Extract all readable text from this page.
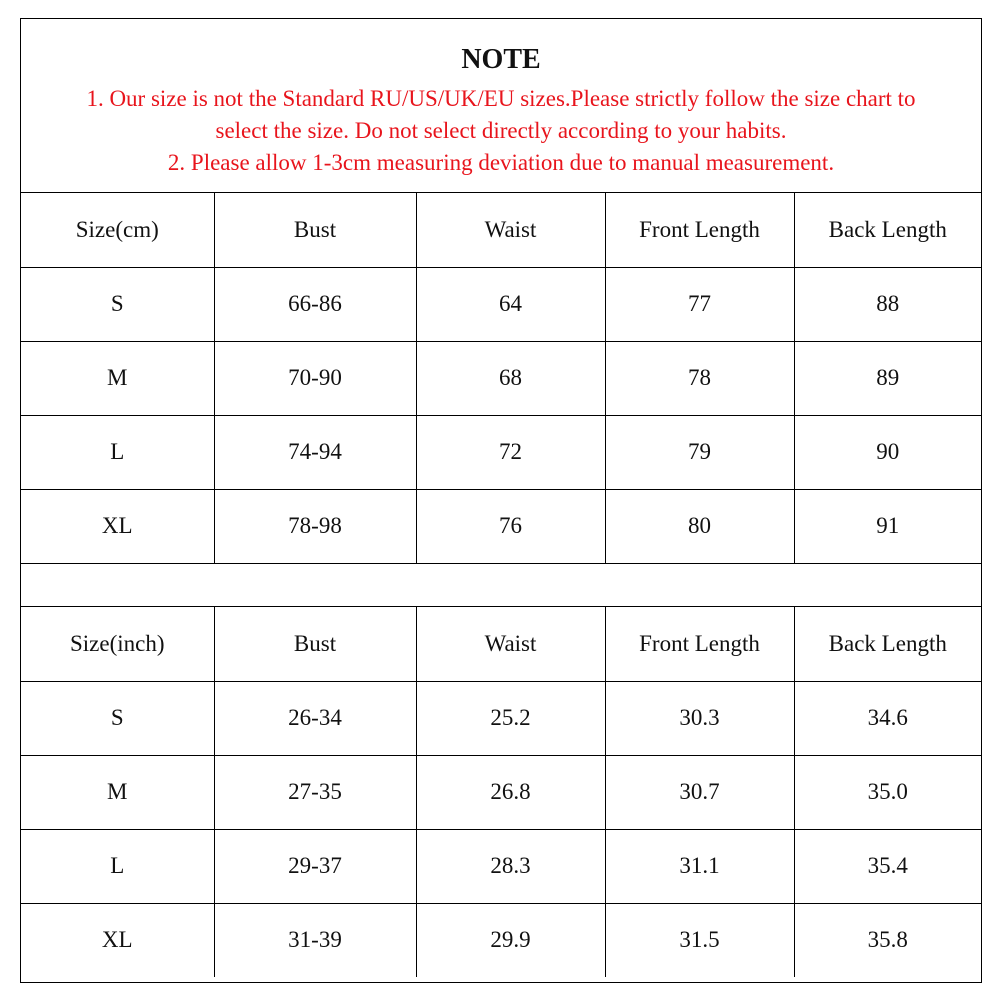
NOTE
1. Our size is not the Standard RU/US/UK/EU sizes.Please strictly follow the size chart to
select the size. Do not select directly according to your habits.
2. Please allow 1-3cm measuring deviation due to manual measurement.
Size(cm)	Bust	Waist	Front Length	Back Length
S	66-86	64	77	88
M	70-90	68	78	89
L	74-94	72	79	90
XL	78-98	76	80	91
Size(inch)	Bust	Waist	Front Length	Back Length
S	26-34	25.2	30.3	34.6
M	27-35	26.8	30.7	35.0
L	29-37	28.3	31.1	35.4
XL	31-39	29.9	31.5	35.8
